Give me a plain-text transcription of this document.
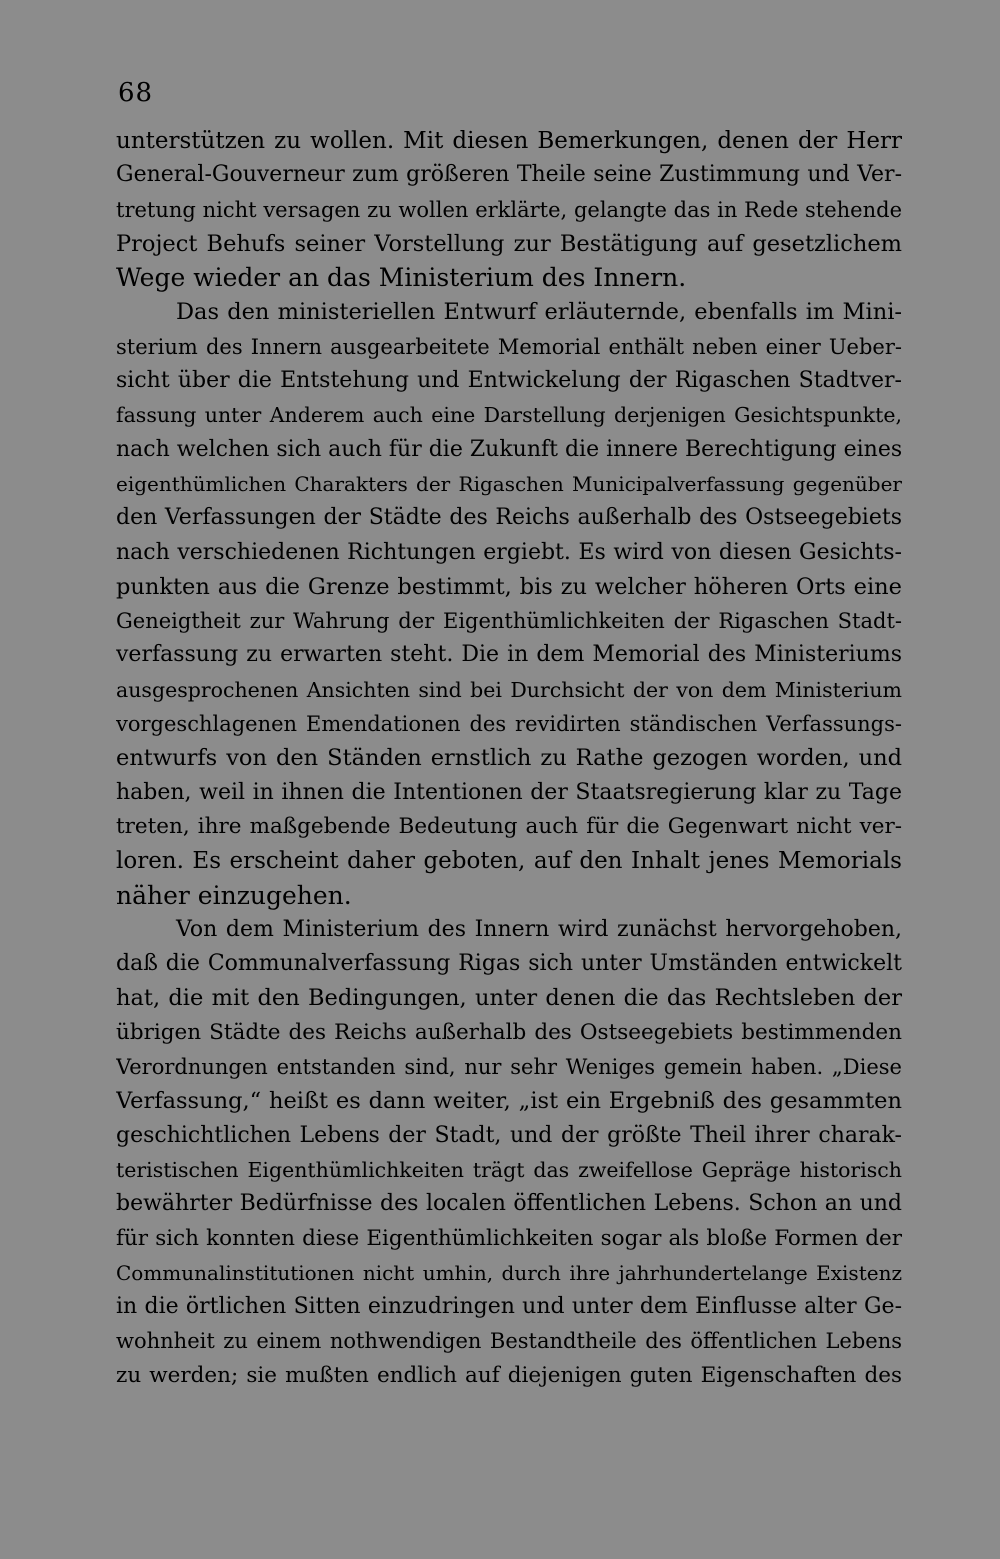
68
unterstützen zu wollen. Mit diesen Bemerkungen, denen der Herr
General-Gouverneur zum größeren Theile seine Zustimmung und Ver-
tretung nicht versagen zu wollen erklärte, gelangte das in Rede stehende
Project Behufs seiner Vorstellung zur Bestätigung auf gesetzlichem
Wege wieder an das Ministerium des Innern.
Das den ministeriellen Entwurf erläuternde, ebenfalls im Mini-
sterium des Innern ausgearbeitete Memorial enthält neben einer Ueber-
sicht über die Entstehung und Entwickelung der Rigaschen Stadtver-
fassung unter Anderem auch eine Darstellung derjenigen Gesichtspunkte,
nach welchen sich auch für die Zukunft die innere Berechtigung eines
eigenthümlichen Charakters der Rigaschen Municipalverfassung gegenüber
den Verfassungen der Städte des Reichs außerhalb des Ostseegebiets
nach verschiedenen Richtungen ergiebt. Es wird von diesen Gesichts-
punkten aus die Grenze bestimmt, bis zu welcher höheren Orts eine
Geneigtheit zur Wahrung der Eigenthümlichkeiten der Rigaschen Stadt-
verfassung zu erwarten steht. Die in dem Memorial des Ministeriums
ausgesprochenen Ansichten sind bei Durchsicht der von dem Ministerium
vorgeschlagenen Emendationen des revidirten ständischen Verfassungs-
entwurfs von den Ständen ernstlich zu Rathe gezogen worden, und
haben, weil in ihnen die Intentionen der Staatsregierung klar zu Tage
treten, ihre maßgebende Bedeutung auch für die Gegenwart nicht ver-
loren. Es erscheint daher geboten, auf den Inhalt jenes Memorials
näher einzugehen.
Von dem Ministerium des Innern wird zunächst hervorgehoben,
daß die Communalverfassung Rigas sich unter Umständen entwickelt
hat, die mit den Bedingungen, unter denen die das Rechtsleben der
übrigen Städte des Reichs außerhalb des Ostseegebiets bestimmenden
Verordnungen entstanden sind, nur sehr Weniges gemein haben. „Diese
Verfassung,“ heißt es dann weiter, „ist ein Ergebniß des gesammten
geschichtlichen Lebens der Stadt, und der größte Theil ihrer charak-
teristischen Eigenthümlichkeiten trägt das zweifellose Gepräge historisch
bewährter Bedürfnisse des localen öffentlichen Lebens. Schon an und
für sich konnten diese Eigenthümlichkeiten sogar als bloße Formen der
Communalinstitutionen nicht umhin, durch ihre jahrhundertelange Existenz
in die örtlichen Sitten einzudringen und unter dem Einflusse alter Ge-
wohnheit zu einem nothwendigen Bestandtheile des öffentlichen Lebens
zu werden; sie mußten endlich auf diejenigen guten Eigenschaften des
